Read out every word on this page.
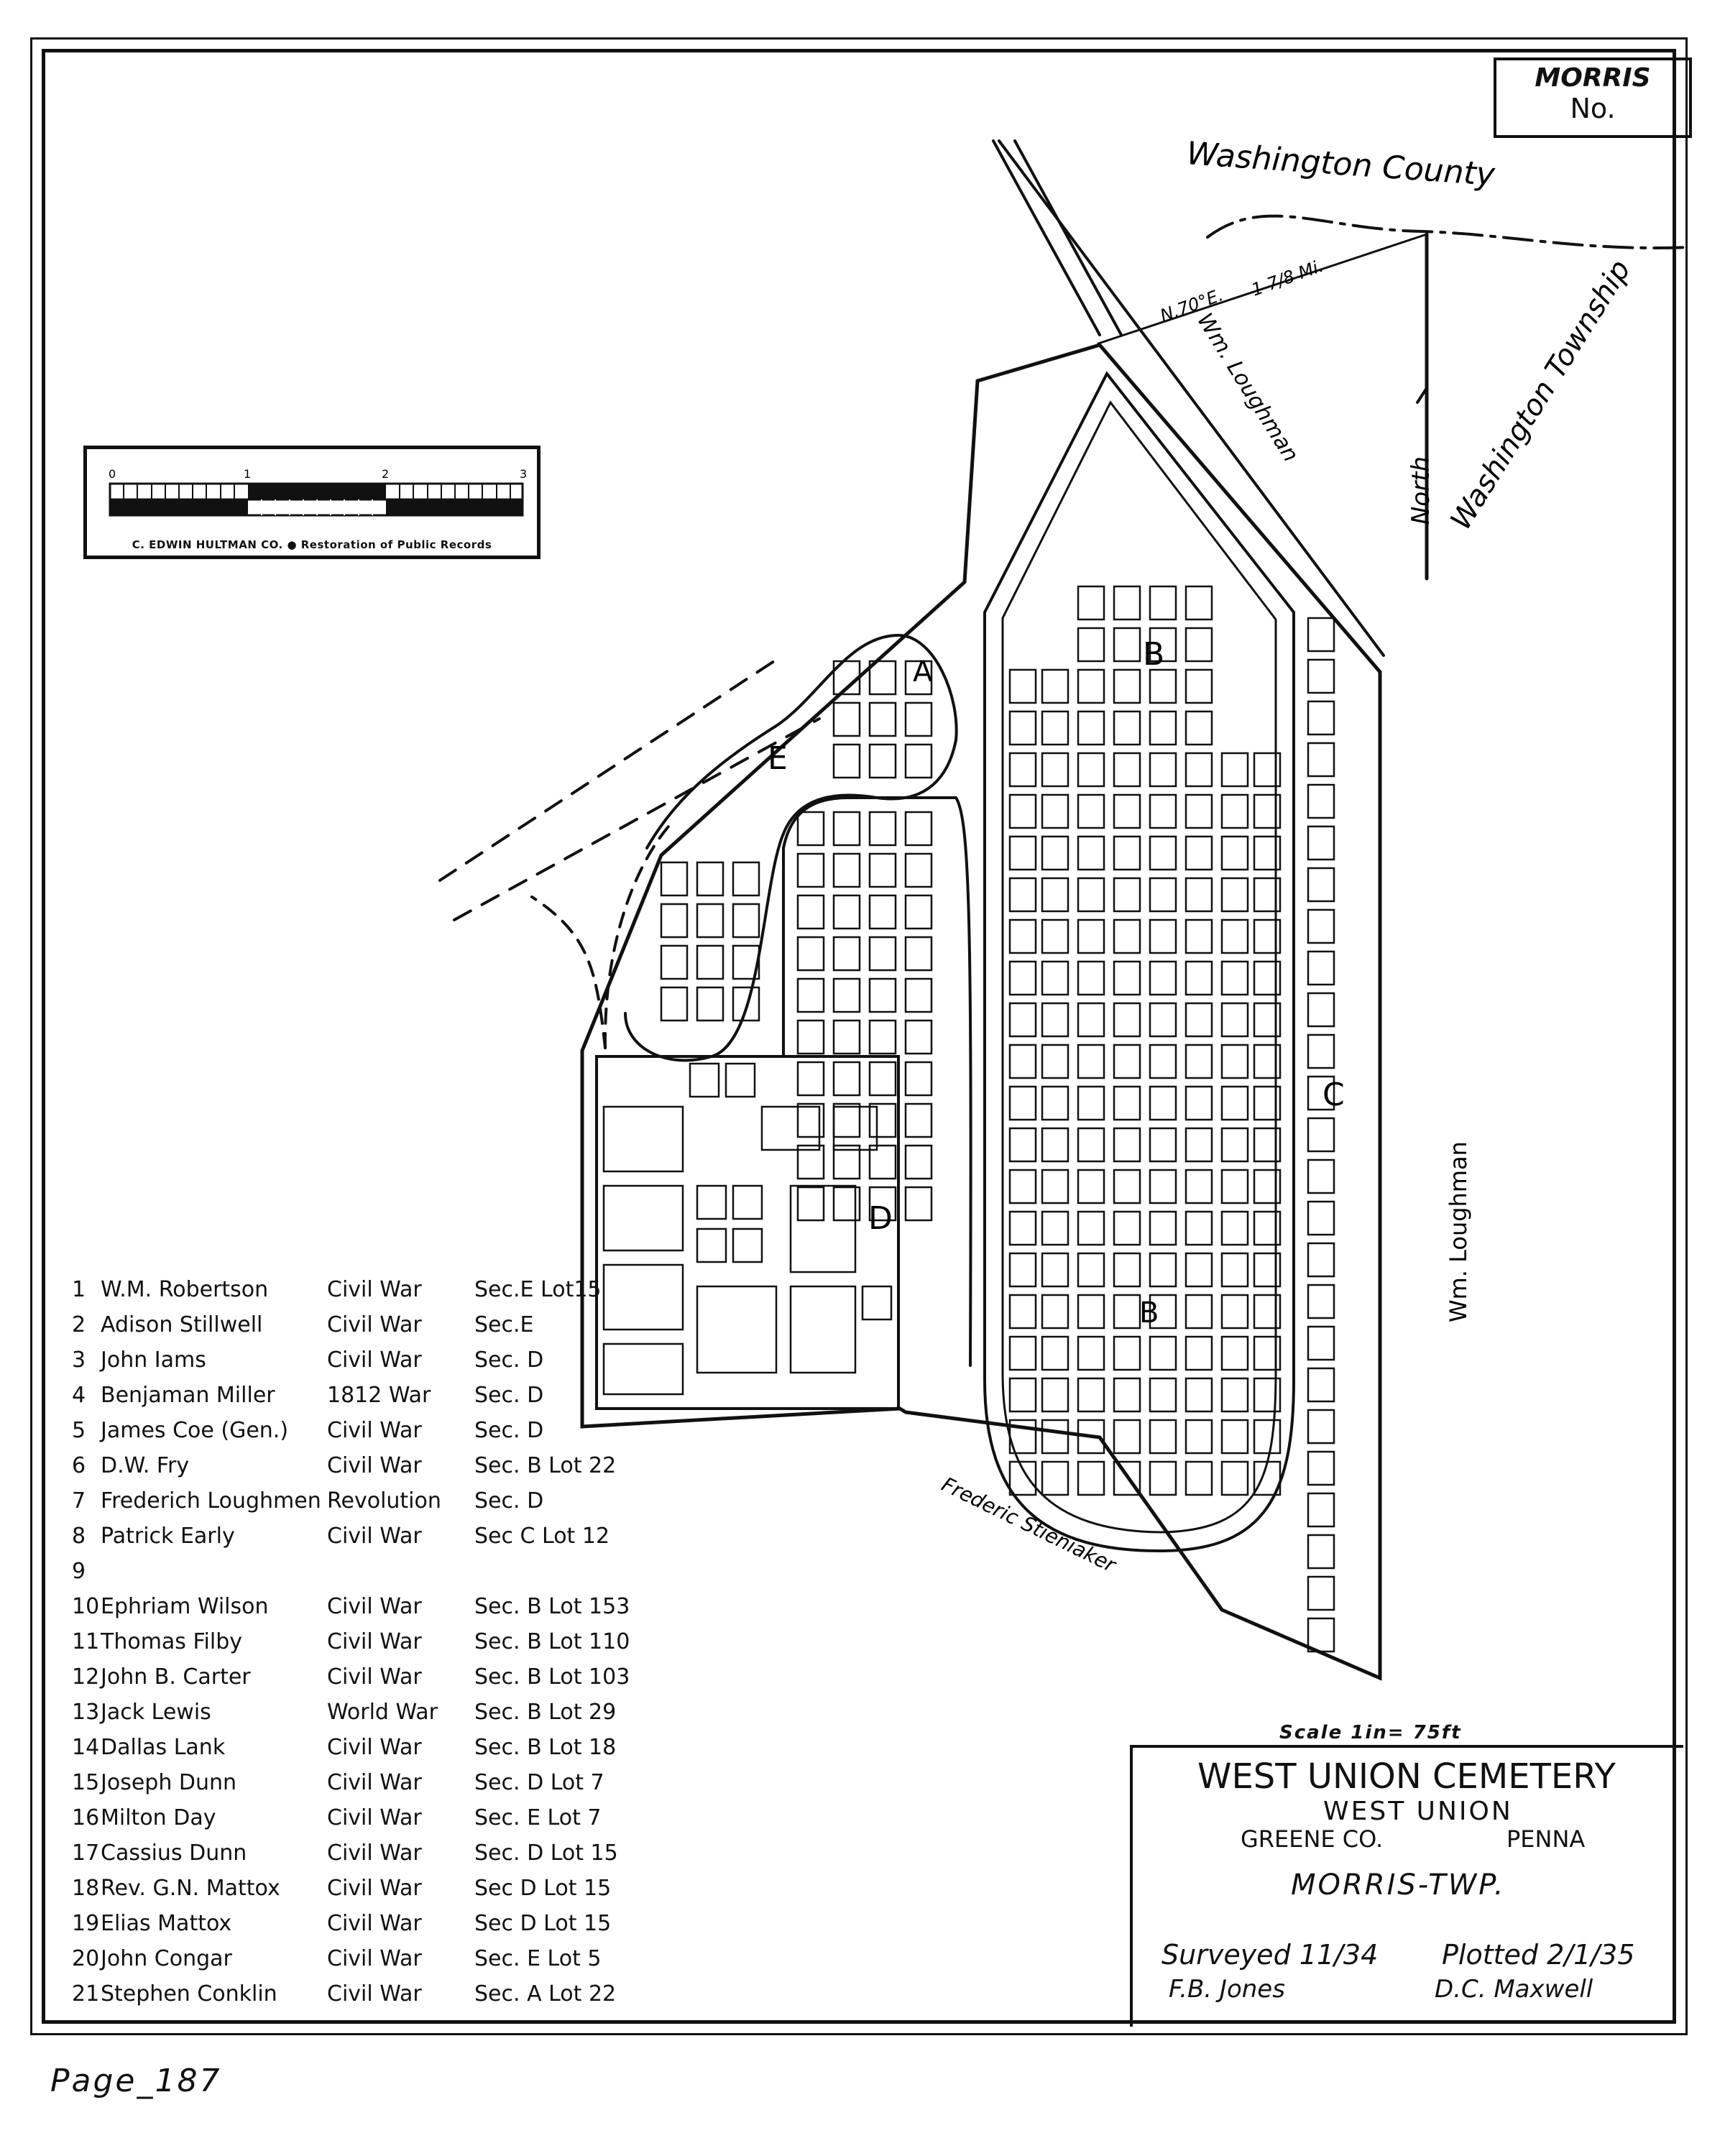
MORRIS
No.
0	1	2	3
C. EDWIN HULTMAN CO. ● Restoration of Public Records
Washington County
Washington Township
North
N.70°E.
1 7/8 Mi.
Wm. Loughman
Wm. Loughman
Frederic Stieniaker
A	B
C
D
E
B
1 W.M. Robertson	Civil War Sec.E Lot15
2 Adison Stillwell	Civil War Sec.E
3 John Iams	Civil War Sec. D
4 Benjaman Miller 1812 War Sec. D
5 James Coe (Gen.) Civil War Sec. D
6 D.W. Fry	Civil War Sec. B Lot 22
7 Frederich Loughmen Revolution Sec. D
8 Patrick Early	Civil War Sec C Lot 12
9
10 Ephriam Wilson	Civil War Sec. B Lot 153
11 Thomas Filby	Civil War Sec. B Lot 110
12 John B. Carter	Civil War Sec. B Lot 103
13 Jack Lewis	World War Sec. B Lot 29
14 Dallas Lank	Civil War Sec. B Lot 18
15 Joseph Dunn	Civil War Sec. D Lot 7
16 Milton Day	Civil War Sec. E Lot 7
17 Cassius Dunn	Civil War Sec. D Lot 15
18 Rev. G.N. Mattox Civil War Sec D Lot 15
19 Elias Mattox	Civil War Sec D Lot 15
20 John Congar	Civil War Sec. E Lot 5
21 Stephen Conklin Civil War Sec. A Lot 22
Scale 1in= 75ft
WEST UNION CEMETERY
WEST UNION
GREENE CO.	PENNA
MORRIS-TWP.
Surveyed 11/34
F.B. Jones
Plotted 2/1/35
D.C. Maxwell
Page_187
